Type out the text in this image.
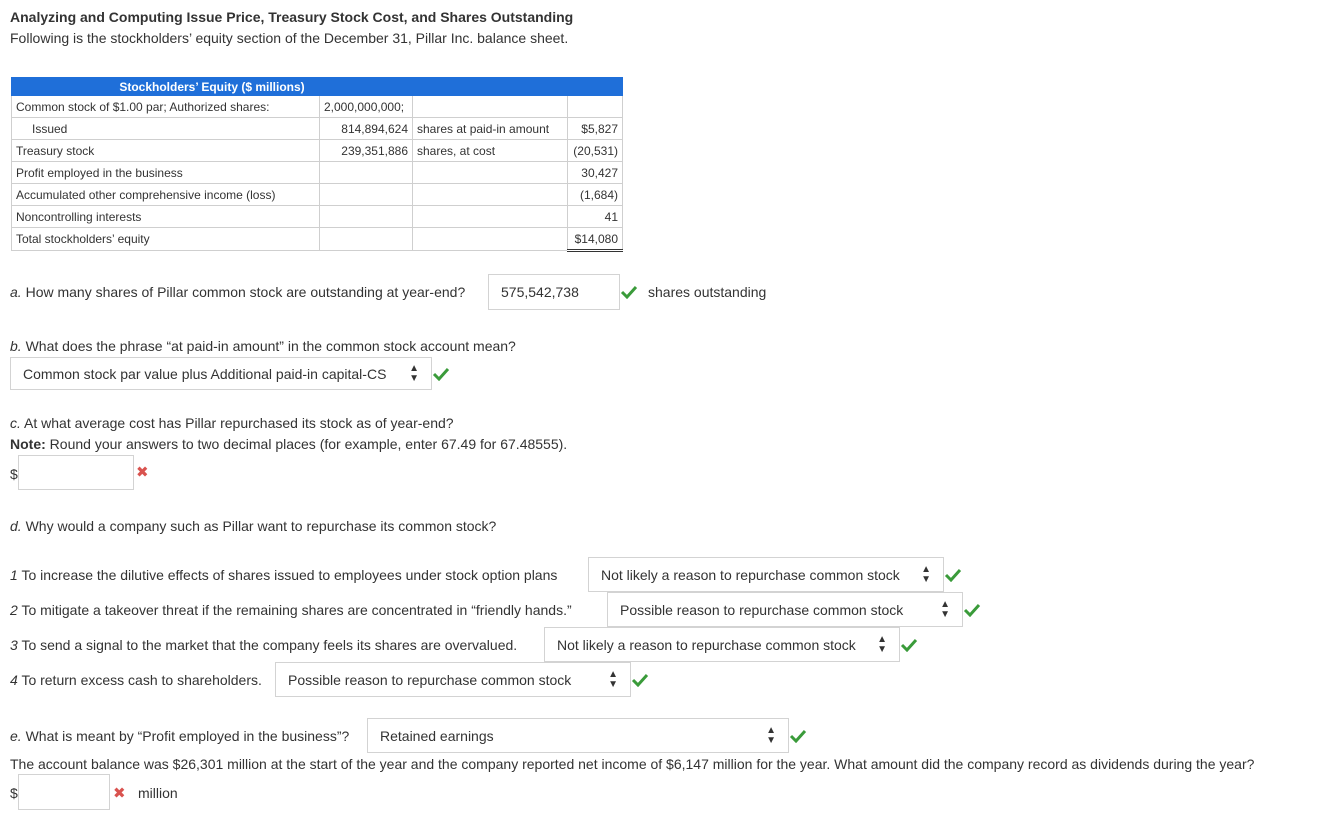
Analyzing and Computing Issue Price, Treasury Stock Cost, and Shares Outstanding
Following is the stockholders’ equity section of the December 31, Pillar Inc. balance sheet.
Stockholders’ Equity ($ millions)			
Common stock of $1.00 par; Authorized shares:	2,000,000,000;		
Issued	814,894,624	shares at paid-in amount	$5,827
Treasury stock	239,351,886	shares, at cost	(20,531)
Profit employed in the business			30,427
Accumulated other comprehensive income (loss)			(1,684)
Noncontrolling interests			41
Total stockholders’ equity			$14,080
a. How many shares of Pillar common stock are outstanding at year-end?	575,542,738	shares outstanding
b. What does the phrase “at paid-in amount” in the common stock account mean?
Common stock par value plus Additional paid-in capital-CS ▲
▼
c. At what average cost has Pillar repurchased its stock as of year-end?
Note: Round your answers to two decimal places (for example, enter 67.49 for 67.48555).
$	✖
d. Why would a company such as Pillar want to repurchase its common stock?
1 To increase the dilutive effects of shares issued to employees under stock option plans	Not likely a reason to repurchase common stock ▲
▼
2 To mitigate a takeover threat if the remaining shares are concentrated in “friendly hands.”	Possible reason to repurchase common stock	▲
▼
3 To send a signal to the market that the company feels its shares are overvalued.	Not likely a reason to repurchase common stock ▲
▼
4 To return excess cash to shareholders. Possible reason to repurchase common stock	▲
▼
e. What is meant by “Profit employed in the business”? Retained earnings	▲
▼
The account balance was $26,301 million at the start of the year and the company reported net income of $6,147 million for the year. What amount did the company record as dividends during the year?
$	✖ million
